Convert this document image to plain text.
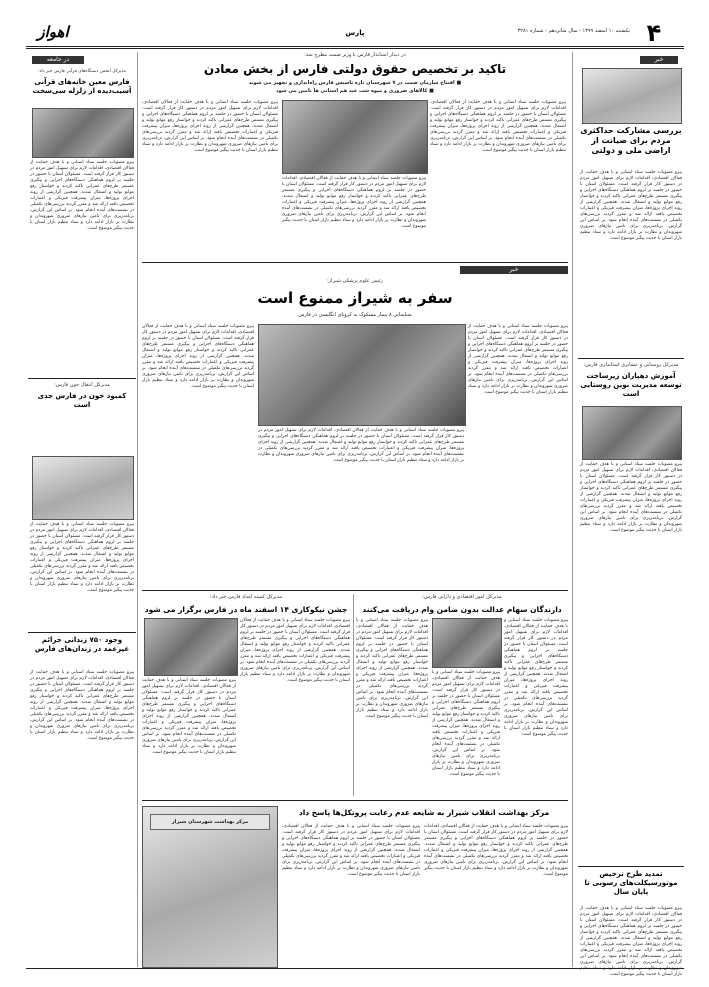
۴
یکشنبه ۱۰ اسفند ۱۳۹۹ - سال شانزدهم - شماره ۳۲۸۱
پارس
اهواز
خبر
بررسی مشارکت حداکثری مردم برای صیانت از اراضی ملی و دولتی
پیرو مصوبات جلسه ستاد استانی و با هدف حمایت از فعالان اقتصادی، اقدامات لازم برای تسهیل امور مردم در دستور کار قرار گرفته است. مسئولان استان با حضور در جلسه بر لزوم هماهنگی دستگاه‌های اجرایی و پیگیری مستمر طرح‌های عمرانی تاکید کردند و خواستار رفع موانع تولید و اشتغال شدند. همچنین گزارشی از روند اجرای پروژه‌ها، میزان پیشرفت فیزیکی و اعتبارات تخصیص یافته ارائه شد و مقرر گردید بررسی‌های تکمیلی در نشست‌های آینده انجام شود. بر اساس این گزارش، برنامه‌ریزی برای تامین نیازهای ضروری شهروندان و نظارت بر بازار ادامه دارد و ستاد تنظیم بازار استان با جدیت پیگیر موضوع است.
مدیرکل روستایی و عشایری استانداری فارس:
آموزش دهیاران زیرساخت توسعه مدیریت نوین روستایی است
پیرو مصوبات جلسه ستاد استانی و با هدف حمایت از فعالان اقتصادی، اقدامات لازم برای تسهیل امور مردم در دستور کار قرار گرفته است. مسئولان استان با حضور در جلسه بر لزوم هماهنگی دستگاه‌های اجرایی و پیگیری مستمر طرح‌های عمرانی تاکید کردند و خواستار رفع موانع تولید و اشتغال شدند. همچنین گزارشی از روند اجرای پروژه‌ها، میزان پیشرفت فیزیکی و اعتبارات تخصیص یافته ارائه شد و مقرر گردید بررسی‌های تکمیلی در نشست‌های آینده انجام شود. بر اساس این گزارش، برنامه‌ریزی برای تامین نیازهای ضروری شهروندان و نظارت بر بازار ادامه دارد و ستاد تنظیم بازار استان با جدیت پیگیر موضوع است.
تمدید طرح ترخیص موتورسیکلت‌های رسوبی تا پایان سال
پیرو مصوبات جلسه ستاد استانی و با هدف حمایت از فعالان اقتصادی، اقدامات لازم برای تسهیل امور مردم در دستور کار قرار گرفته است. مسئولان استان با حضور در جلسه بر لزوم هماهنگی دستگاه‌های اجرایی و پیگیری مستمر طرح‌های عمرانی تاکید کردند و خواستار رفع موانع تولید و اشتغال شدند. همچنین گزارشی از روند اجرای پروژه‌ها، میزان پیشرفت فیزیکی و اعتبارات تخصیص یافته ارائه شد و مقرر گردید بررسی‌های تکمیلی در نشست‌های آینده انجام شود. بر اساس این گزارش، برنامه‌ریزی برای تامین نیازهای ضروری شهروندان و نظارت بر بازار ادامه دارد و ستاد تنظیم بازار استان با جدیت پیگیر موضوع است.
در دیدار استاندار فارس با وزیر صمت مطرح شد:
تاکید بر تخصیص حقوق دولتی فارس از بخش معادن
■ افتتاح سازمان صمت در ۷ شهرستان تازه تاسیس فارس راه‌اندازی و تجهیز می شوند
■ کالاهای ضروری و میوه شب عید هم استانی ها تامین می شود
پیرو مصوبات جلسه ستاد استانی و با هدف حمایت از فعالان اقتصادی، اقدامات لازم برای تسهیل امور مردم در دستور کار قرار گرفته است. مسئولان استان با حضور در جلسه بر لزوم هماهنگی دستگاه‌های اجرایی و پیگیری مستمر طرح‌های عمرانی تاکید کردند و خواستار رفع موانع تولید و اشتغال شدند. همچنین گزارشی از روند اجرای پروژه‌ها، میزان پیشرفت فیزیکی و اعتبارات تخصیص یافته ارائه شد و مقرر گردید بررسی‌های تکمیلی در نشست‌های آینده انجام شود. بر اساس این گزارش، برنامه‌ریزی برای تامین نیازهای ضروری شهروندان و نظارت بر بازار ادامه دارد و ستاد تنظیم بازار استان با جدیت پیگیر موضوع است.
پیرو مصوبات جلسه ستاد استانی و با هدف حمایت از فعالان اقتصادی، اقدامات لازم برای تسهیل امور مردم در دستور کار قرار گرفته است. مسئولان استان با حضور در جلسه بر لزوم هماهنگی دستگاه‌های اجرایی و پیگیری مستمر طرح‌های عمرانی تاکید کردند و خواستار رفع موانع تولید و اشتغال شدند. همچنین گزارشی از روند اجرای پروژه‌ها، میزان پیشرفت فیزیکی و اعتبارات تخصیص یافته ارائه شد و مقرر گردید بررسی‌های تکمیلی در نشست‌های آینده انجام شود. بر اساس این گزارش، برنامه‌ریزی برای تامین نیازهای ضروری شهروندان و نظارت بر بازار ادامه دارد و ستاد تنظیم بازار استان با جدیت پیگیر موضوع است.
پیرو مصوبات جلسه ستاد استانی و با هدف حمایت از فعالان اقتصادی، اقدامات لازم برای تسهیل امور مردم در دستور کار قرار گرفته است. مسئولان استان با حضور در جلسه بر لزوم هماهنگی دستگاه‌های اجرایی و پیگیری مستمر طرح‌های عمرانی تاکید کردند و خواستار رفع موانع تولید و اشتغال شدند. همچنین گزارشی از روند اجرای پروژه‌ها، میزان پیشرفت فیزیکی و اعتبارات تخصیص یافته ارائه شد و مقرر گردید بررسی‌های تکمیلی در نشست‌های آینده انجام شود. بر اساس این گزارش، برنامه‌ریزی برای تامین نیازهای ضروری شهروندان و نظارت بر بازار ادامه دارد و ستاد تنظیم بازار استان با جدیت پیگیر موضوع است.
خبر
رئیس علوم پزشکی شیراز:
سفر به شیراز ممنوع است
شناسایی ۸ بیمار مشکوک به کرونای انگلیسی در فارس
پیرو مصوبات جلسه ستاد استانی و با هدف حمایت از فعالان اقتصادی، اقدامات لازم برای تسهیل امور مردم در دستور کار قرار گرفته است. مسئولان استان با حضور در جلسه بر لزوم هماهنگی دستگاه‌های اجرایی و پیگیری مستمر طرح‌های عمرانی تاکید کردند و خواستار رفع موانع تولید و اشتغال شدند. همچنین گزارشی از روند اجرای پروژه‌ها، میزان پیشرفت فیزیکی و اعتبارات تخصیص یافته ارائه شد و مقرر گردید بررسی‌های تکمیلی در نشست‌های آینده انجام شود. بر اساس این گزارش، برنامه‌ریزی برای تامین نیازهای ضروری شهروندان و نظارت بر بازار ادامه دارد و ستاد تنظیم بازار استان با جدیت پیگیر موضوع است.
پیرو مصوبات جلسه ستاد استانی و با هدف حمایت از فعالان اقتصادی، اقدامات لازم برای تسهیل امور مردم در دستور کار قرار گرفته است. مسئولان استان با حضور در جلسه بر لزوم هماهنگی دستگاه‌های اجرایی و پیگیری مستمر طرح‌های عمرانی تاکید کردند و خواستار رفع موانع تولید و اشتغال شدند. همچنین گزارشی از روند اجرای پروژه‌ها، میزان پیشرفت فیزیکی و اعتبارات تخصیص یافته ارائه شد و مقرر گردید بررسی‌های تکمیلی در نشست‌های آینده انجام شود. بر اساس این گزارش، برنامه‌ریزی برای تامین نیازهای ضروری شهروندان و نظارت بر بازار ادامه دارد و ستاد تنظیم بازار استان با جدیت پیگیر موضوع است.
پیرو مصوبات جلسه ستاد استانی و با هدف حمایت از فعالان اقتصادی، اقدامات لازم برای تسهیل امور مردم در دستور کار قرار گرفته است. مسئولان استان با حضور در جلسه بر لزوم هماهنگی دستگاه‌های اجرایی و پیگیری مستمر طرح‌های عمرانی تاکید کردند و خواستار رفع موانع تولید و اشتغال شدند. همچنین گزارشی از روند اجرای پروژه‌ها، میزان پیشرفت فیزیکی و اعتبارات تخصیص یافته ارائه شد و مقرر گردید بررسی‌های تکمیلی در نشست‌های آینده انجام شود. بر اساس این گزارش، برنامه‌ریزی برای تامین نیازهای ضروری شهروندان و نظارت بر بازار ادامه دارد و ستاد تنظیم بازار استان با جدیت پیگیر موضوع است.
در جامعه
مدیرکل انجمن دستگاه‌های قرآنی فارس خبر داد:
فارس معین خانه‌های قرآنی آسیب‌دیده از زلزله سی‌سخت
پیرو مصوبات جلسه ستاد استانی و با هدف حمایت از فعالان اقتصادی، اقدامات لازم برای تسهیل امور مردم در دستور کار قرار گرفته است. مسئولان استان با حضور در جلسه بر لزوم هماهنگی دستگاه‌های اجرایی و پیگیری مستمر طرح‌های عمرانی تاکید کردند و خواستار رفع موانع تولید و اشتغال شدند. همچنین گزارشی از روند اجرای پروژه‌ها، میزان پیشرفت فیزیکی و اعتبارات تخصیص یافته ارائه شد و مقرر گردید بررسی‌های تکمیلی در نشست‌های آینده انجام شود. بر اساس این گزارش، برنامه‌ریزی برای تامین نیازهای ضروری شهروندان و نظارت بر بازار ادامه دارد و ستاد تنظیم بازار استان با جدیت پیگیر موضوع است.
مدیرکل انتقال خون فارس:
کمبود خون در فارس جدی است
پیرو مصوبات جلسه ستاد استانی و با هدف حمایت از فعالان اقتصادی، اقدامات لازم برای تسهیل امور مردم در دستور کار قرار گرفته است. مسئولان استان با حضور در جلسه بر لزوم هماهنگی دستگاه‌های اجرایی و پیگیری مستمر طرح‌های عمرانی تاکید کردند و خواستار رفع موانع تولید و اشتغال شدند. همچنین گزارشی از روند اجرای پروژه‌ها، میزان پیشرفت فیزیکی و اعتبارات تخصیص یافته ارائه شد و مقرر گردید بررسی‌های تکمیلی در نشست‌های آینده انجام شود. بر اساس این گزارش، برنامه‌ریزی برای تامین نیازهای ضروری شهروندان و نظارت بر بازار ادامه دارد و ستاد تنظیم بازار استان با جدیت پیگیر موضوع است.
وجود ۷۵۰ زندانی جرائم غیرعمد در زندان‌های فارس
پیرو مصوبات جلسه ستاد استانی و با هدف حمایت از فعالان اقتصادی، اقدامات لازم برای تسهیل امور مردم در دستور کار قرار گرفته است. مسئولان استان با حضور در جلسه بر لزوم هماهنگی دستگاه‌های اجرایی و پیگیری مستمر طرح‌های عمرانی تاکید کردند و خواستار رفع موانع تولید و اشتغال شدند. همچنین گزارشی از روند اجرای پروژه‌ها، میزان پیشرفت فیزیکی و اعتبارات تخصیص یافته ارائه شد و مقرر گردید بررسی‌های تکمیلی در نشست‌های آینده انجام شود. بر اساس این گزارش، برنامه‌ریزی برای تامین نیازهای ضروری شهروندان و نظارت بر بازار ادامه دارد و ستاد تنظیم بازار استان با جدیت پیگیر موضوع است.
مدیرکل امور اقتصادی و دارایی فارس:
دارندگان سهام عدالت بدون ضامن وام دریافت می‌کنند
پیرو مصوبات جلسه ستاد استانی و با هدف حمایت از فعالان اقتصادی، اقدامات لازم برای تسهیل امور مردم در دستور کار قرار گرفته است. مسئولان استان با حضور در جلسه بر لزوم هماهنگی دستگاه‌های اجرایی و پیگیری مستمر طرح‌های عمرانی تاکید کردند و خواستار رفع موانع تولید و اشتغال شدند. همچنین گزارشی از روند اجرای پروژه‌ها، میزان پیشرفت فیزیکی و اعتبارات تخصیص یافته ارائه شد و مقرر گردید بررسی‌های تکمیلی در نشست‌های آینده انجام شود. بر اساس این گزارش، برنامه‌ریزی برای تامین نیازهای ضروری شهروندان و نظارت بر بازار ادامه دارد و ستاد تنظیم بازار استان با جدیت پیگیر موضوع است.
پیرو مصوبات جلسه ستاد استانی و با هدف حمایت از فعالان اقتصادی، اقدامات لازم برای تسهیل امور مردم در دستور کار قرار گرفته است. مسئولان استان با حضور در جلسه بر لزوم هماهنگی دستگاه‌های اجرایی و پیگیری مستمر طرح‌های عمرانی تاکید کردند و خواستار رفع موانع تولید و اشتغال شدند. همچنین گزارشی از روند اجرای پروژه‌ها، میزان پیشرفت فیزیکی و اعتبارات تخصیص یافته ارائه شد و مقرر گردید بررسی‌های تکمیلی در نشست‌های آینده انجام شود. بر اساس این گزارش، برنامه‌ریزی برای تامین نیازهای ضروری شهروندان و نظارت بر بازار ادامه دارد و ستاد تنظیم بازار استان با جدیت پیگیر موضوع است.
پیرو مصوبات جلسه ستاد استانی و با هدف حمایت از فعالان اقتصادی، اقدامات لازم برای تسهیل امور مردم در دستور کار قرار گرفته است. مسئولان استان با حضور در جلسه بر لزوم هماهنگی دستگاه‌های اجرایی و پیگیری مستمر طرح‌های عمرانی تاکید کردند و خواستار رفع موانع تولید و اشتغال شدند. همچنین گزارشی از روند اجرای پروژه‌ها، میزان پیشرفت فیزیکی و اعتبارات تخصیص یافته ارائه شد و مقرر گردید بررسی‌های تکمیلی در نشست‌های آینده انجام شود. بر اساس این گزارش، برنامه‌ریزی برای تامین نیازهای ضروری شهروندان و نظارت بر بازار ادامه دارد و ستاد تنظیم بازار استان با جدیت پیگیر موضوع است.
مدیرکل کمیته امداد فارس خبر داد:
جشن نیکوکاری ۱۴ اسفند ماه در فارس برگزار می شود
پیرو مصوبات جلسه ستاد استانی و با هدف حمایت از فعالان اقتصادی، اقدامات لازم برای تسهیل امور مردم در دستور کار قرار گرفته است. مسئولان استان با حضور در جلسه بر لزوم هماهنگی دستگاه‌های اجرایی و پیگیری مستمر طرح‌های عمرانی تاکید کردند و خواستار رفع موانع تولید و اشتغال شدند. همچنین گزارشی از روند اجرای پروژه‌ها، میزان پیشرفت فیزیکی و اعتبارات تخصیص یافته ارائه شد و مقرر گردید بررسی‌های تکمیلی در نشست‌های آینده انجام شود. بر اساس این گزارش، برنامه‌ریزی برای تامین نیازهای ضروری شهروندان و نظارت بر بازار ادامه دارد و ستاد تنظیم بازار استان با جدیت پیگیر موضوع است.
پیرو مصوبات جلسه ستاد استانی و با هدف حمایت از فعالان اقتصادی، اقدامات لازم برای تسهیل امور مردم در دستور کار قرار گرفته است. مسئولان استان با حضور در جلسه بر لزوم هماهنگی دستگاه‌های اجرایی و پیگیری مستمر طرح‌های عمرانی تاکید کردند و خواستار رفع موانع تولید و اشتغال شدند. همچنین گزارشی از روند اجرای پروژه‌ها، میزان پیشرفت فیزیکی و اعتبارات تخصیص یافته ارائه شد و مقرر گردید بررسی‌های تکمیلی در نشست‌های آینده انجام شود. بر اساس این گزارش، برنامه‌ریزی برای تامین نیازهای ضروری شهروندان و نظارت بر بازار ادامه دارد و ستاد تنظیم بازار استان با جدیت پیگیر موضوع است.
مرکز بهداشت انقلاب شیراز به شایعه عدم رعایت پروتکل‌ها پاسخ داد
پیرو مصوبات جلسه ستاد استانی و با هدف حمایت از فعالان اقتصادی، اقدامات لازم برای تسهیل امور مردم در دستور کار قرار گرفته است. مسئولان استان با حضور در جلسه بر لزوم هماهنگی دستگاه‌های اجرایی و پیگیری مستمر طرح‌های عمرانی تاکید کردند و خواستار رفع موانع تولید و اشتغال شدند. همچنین گزارشی از روند اجرای پروژه‌ها، میزان پیشرفت فیزیکی و اعتبارات تخصیص یافته ارائه شد و مقرر گردید بررسی‌های تکمیلی در نشست‌های آینده انجام شود. بر اساس این گزارش، برنامه‌ریزی برای تامین نیازهای ضروری شهروندان و نظارت بر بازار ادامه دارد و ستاد تنظیم بازار استان با جدیت پیگیر موضوع است.
پیرو مصوبات جلسه ستاد استانی و با هدف حمایت از فعالان اقتصادی، اقدامات لازم برای تسهیل امور مردم در دستور کار قرار گرفته است. مسئولان استان با حضور در جلسه بر لزوم هماهنگی دستگاه‌های اجرایی و پیگیری مستمر طرح‌های عمرانی تاکید کردند و خواستار رفع موانع تولید و اشتغال شدند. همچنین گزارشی از روند اجرای پروژه‌ها، میزان پیشرفت فیزیکی و اعتبارات تخصیص یافته ارائه شد و مقرر گردید بررسی‌های تکمیلی در نشست‌های آینده انجام شود. بر اساس این گزارش، برنامه‌ریزی برای تامین نیازهای ضروری شهروندان و نظارت بر بازار ادامه دارد و ستاد تنظیم بازار استان با جدیت پیگیر موضوع است.
مرکز بهداشت شهرستان شیراز
